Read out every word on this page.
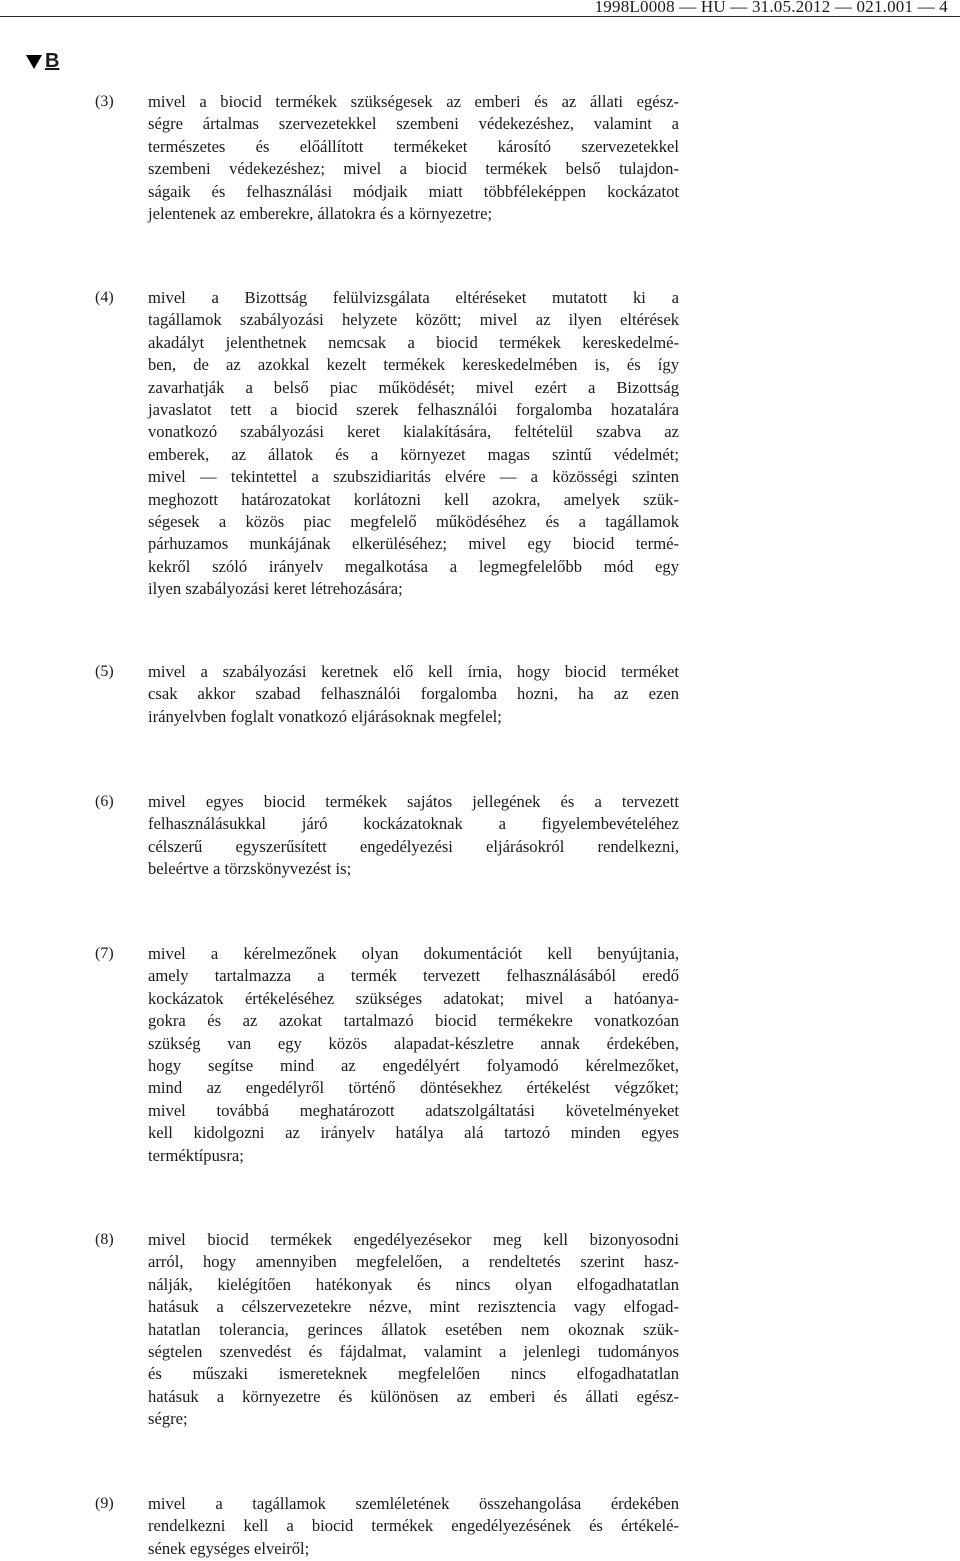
1998L0008 — HU — 31.05.2012 — 021.001 — 4
B
(3) mivel a biocid termékek szükségesek az emberi és az állati egész-
ségre ártalmas szervezetekkel szembeni védekezéshez, valamint a
természetes és előállított termékeket károsító szervezetekkel
szembeni védekezéshez; mivel a biocid termékek belső tulajdon-
ságaik és felhasználási módjaik miatt többféleképpen kockázatot
jelentenek az emberekre, állatokra és a környezetre;
(4) mivel a Bizottság felülvizsgálata eltéréseket mutatott ki a
tagállamok szabályozási helyzete között; mivel az ilyen eltérések
akadályt jelenthetnek nemcsak a biocid termékek kereskedelmé-
ben, de az azokkal kezelt termékek kereskedelmében is, és így
zavarhatják a belső piac működését; mivel ezért a Bizottság
javaslatot tett a biocid szerek felhasználói forgalomba hozatalára
vonatkozó szabályozási keret kialakítására, feltételül szabva az
emberek, az állatok és a környezet magas szintű védelmét;
mivel — tekintettel a szubszidiaritás elvére — a közösségi szinten
meghozott határozatokat korlátozni kell azokra, amelyek szük-
ségesek a közös piac megfelelő működéséhez és a tagállamok
párhuzamos munkájának elkerüléséhez; mivel egy biocid termé-
kekről szóló irányelv megalkotása a legmegfelelőbb mód egy
ilyen szabályozási keret létrehozására;
(5) mivel a szabályozási keretnek elő kell írnia, hogy biocid terméket
csak akkor szabad felhasználói forgalomba hozni, ha az ezen
irányelvben foglalt vonatkozó eljárásoknak megfelel;
(6) mivel egyes biocid termékek sajátos jellegének és a tervezett
felhasználásukkal járó kockázatoknak a figyelembevételéhez
célszerű egyszerűsített engedélyezési eljárásokról rendelkezni,
beleértve a törzskönyvezést is;
(7) mivel a kérelmezőnek olyan dokumentációt kell benyújtania,
amely tartalmazza a termék tervezett felhasználásából eredő
kockázatok értékeléséhez szükséges adatokat; mivel a hatóanya-
gokra és az azokat tartalmazó biocid termékekre vonatkozóan
szükség van egy közös alapadat-készletre annak érdekében,
hogy segítse mind az engedélyért folyamodó kérelmezőket,
mind az engedélyről történő döntésekhez értékelést végzőket;
mivel továbbá meghatározott adatszolgáltatási követelményeket
kell kidolgozni az irányelv hatálya alá tartozó minden egyes
terméktípusra;
(8) mivel biocid termékek engedélyezésekor meg kell bizonyosodni
arról, hogy amennyiben megfelelően, a rendeltetés szerint hasz-
nálják, kielégítően hatékonyak és nincs olyan elfogadhatatlan
hatásuk a célszervezetekre nézve, mint rezisztencia vagy elfogad-
hatatlan tolerancia, gerinces állatok esetében nem okoznak szük-
ségtelen szenvedést és fájdalmat, valamint a jelenlegi tudományos
és műszaki ismereteknek megfelelően nincs elfogadhatatlan
hatásuk a környezetre és különösen az emberi és állati egész-
ségre;
(9) mivel a tagállamok szemléletének összehangolása érdekében
rendelkezni kell a biocid termékek engedélyezésének és értékelé-
sének egységes elveiről;
